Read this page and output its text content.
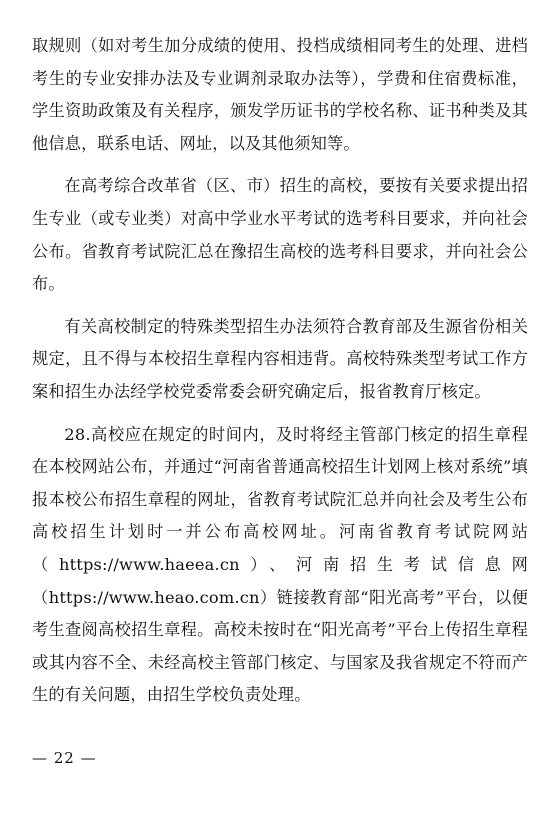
取规则（如对考生加分成绩的使用、投档成绩相同考生的处理、进档考生的专业安排办法及专业调剂录取办法等），学费和住宿费标准，学生资助政策及有关程序，颁发学历证书的学校名称、证书种类及其他信息，联系电话、网址，以及其他须知等。

在高考综合改革省（区、市）招生的高校，要按有关要求提出招生专业（或专业类）对高中学业水平考试的选考科目要求，并向社会公布。省教育考试院汇总在豫招生高校的选考科目要求，并向社会公布。

有关高校制定的特殊类型招生办法须符合教育部及生源省份相关规定，且不得与本校招生章程内容相违背。高校特殊类型考试工作方案和招生办法经学校党委常委会研究确定后，报省教育厅核定。

28.高校应在规定的时间内，及时将经主管部门核定的招生章程在本校网站公布，并通过“河南省普通高校招生计划网上核对系统”填报本校公布招生章程的网址，省教育考试院汇总并向社会及考生公布高校招生计划时一并公布高校网址。河南省教育考试院网站（https://www.haeea.cn）、河南招生考试信息网（https://www.heao.com.cn）链接教育部“阳光高考”平台，以便考生查阅高校招生章程。高校未按时在“阳光高考”平台上传招生章程或其内容不全、未经高校主管部门核定、与国家及我省规定不符而产生的有关问题，由招生学校负责处理。

— 22 —
